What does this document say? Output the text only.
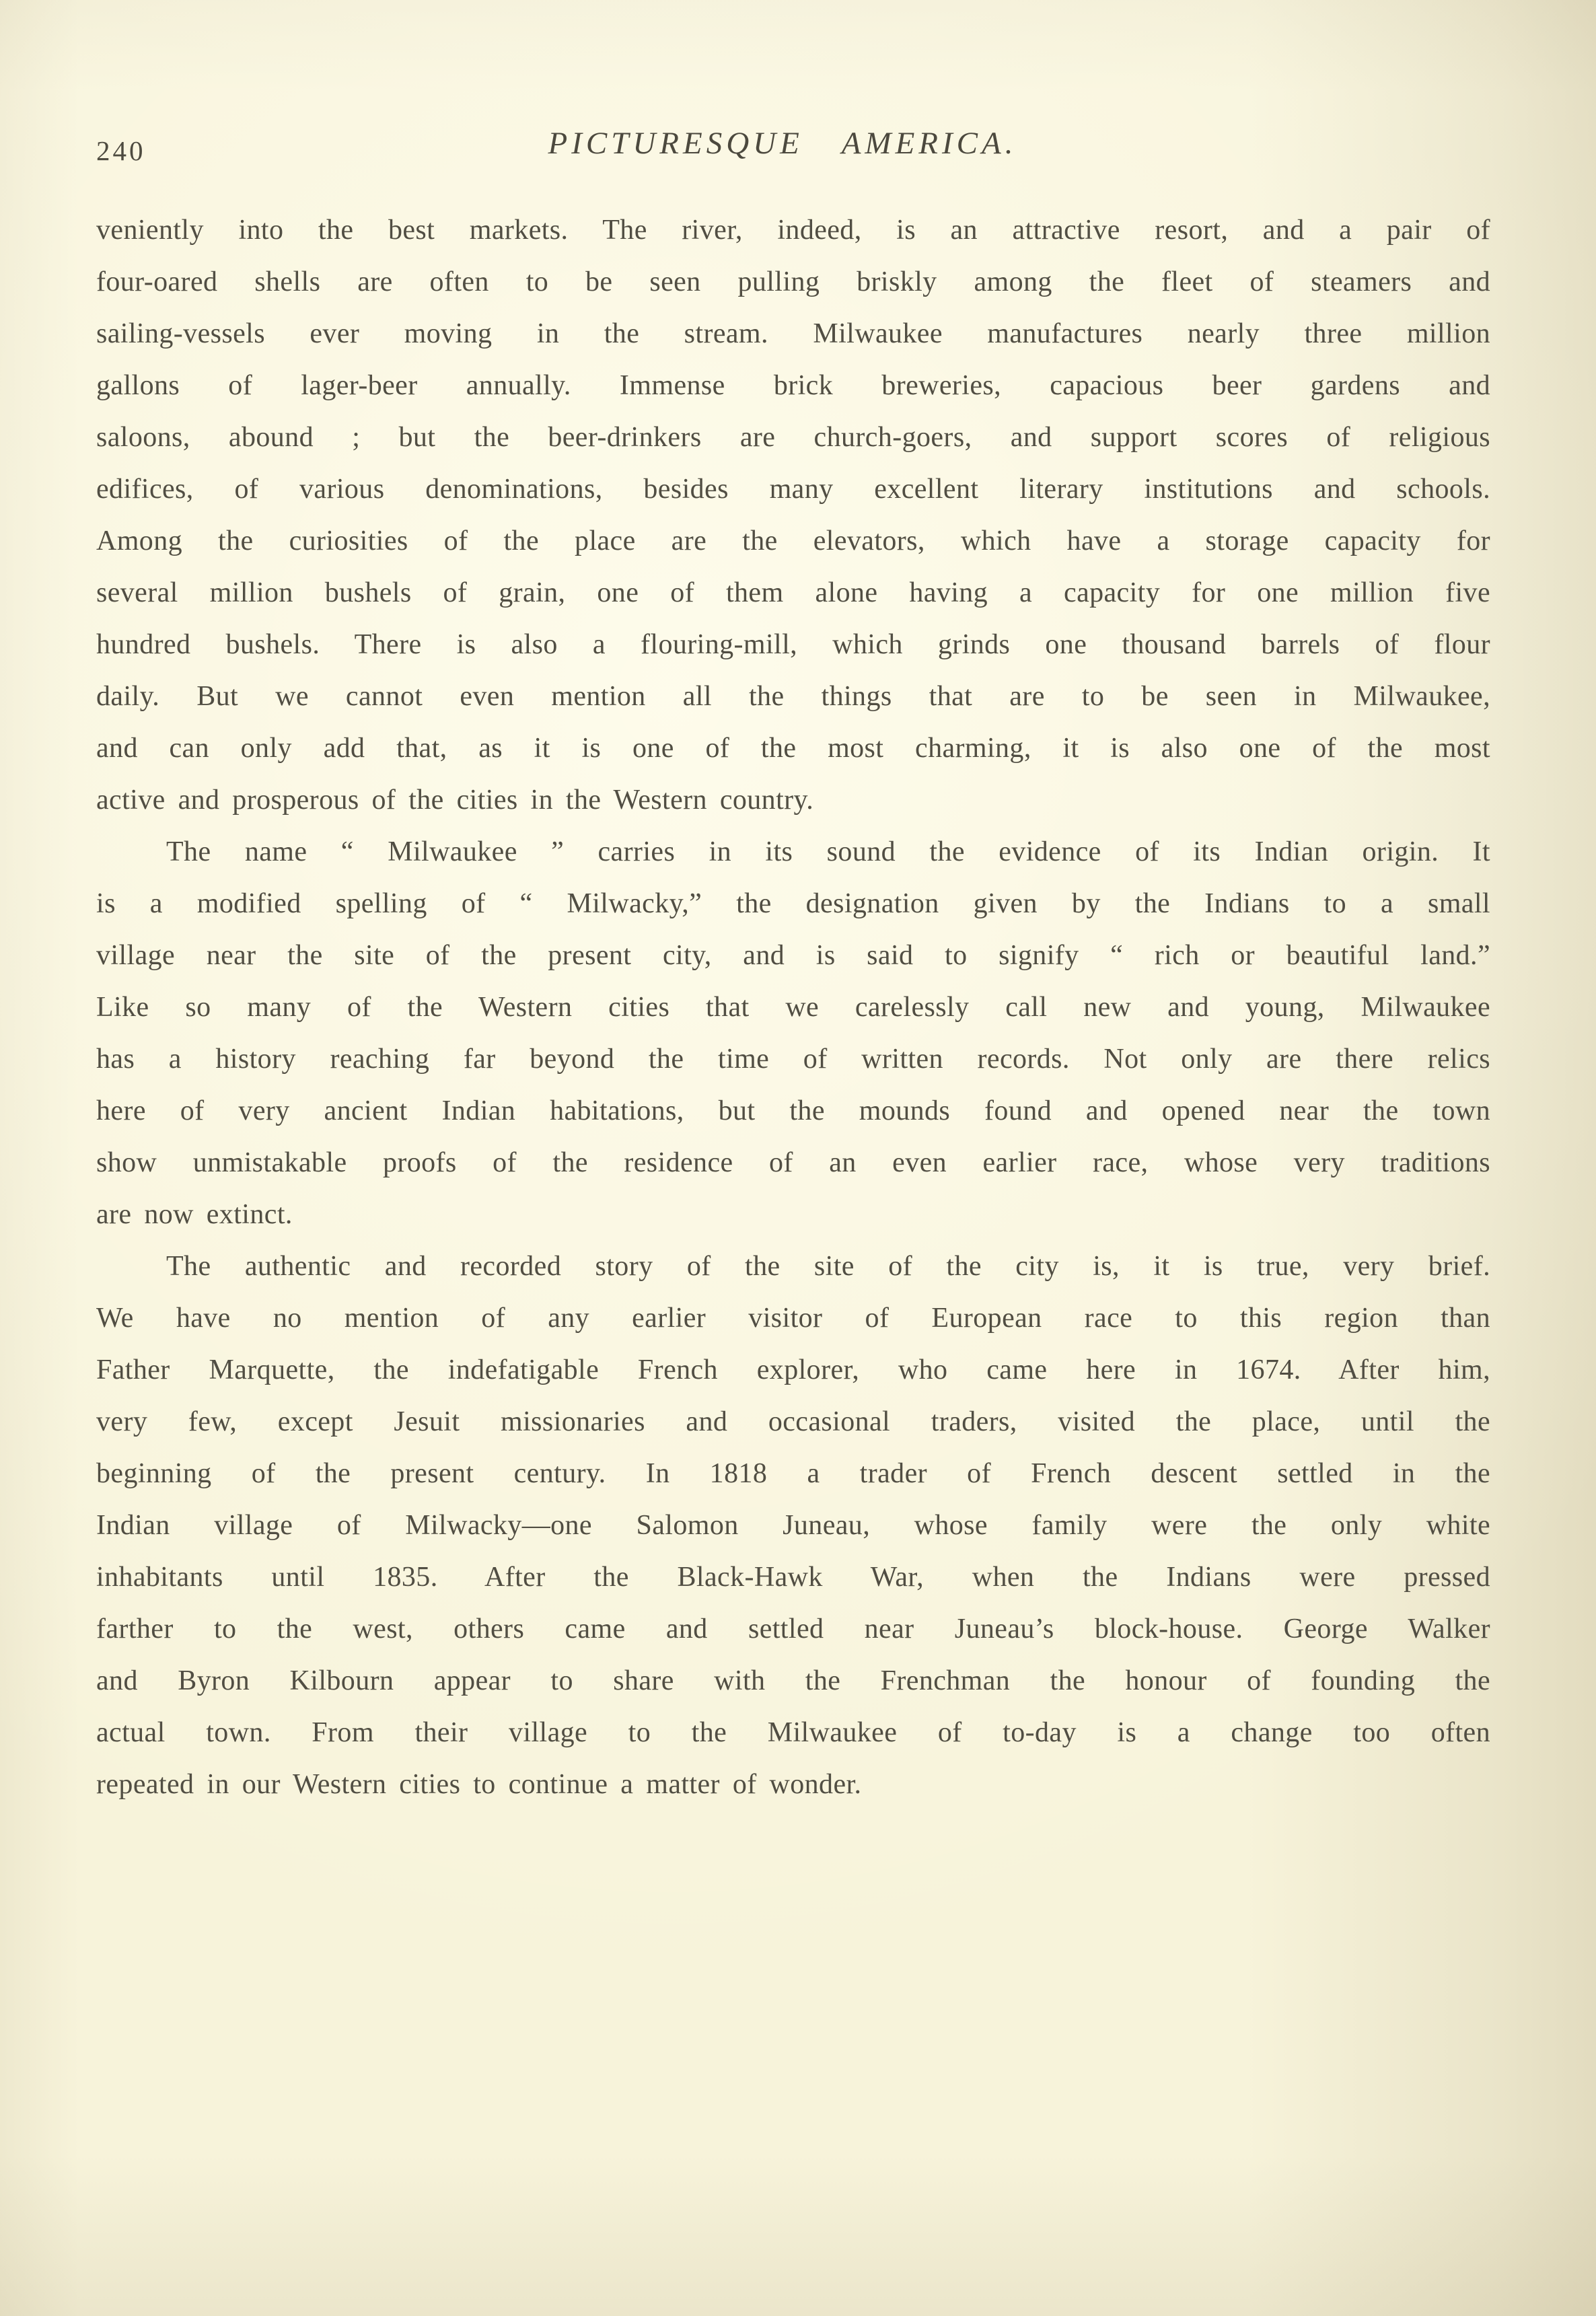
240	PICTURESQUE AMERICA.
veniently into the best markets. The river, indeed, is an attractive resort, and a pair of
four-oared shells are often to be seen pulling briskly among the fleet of steamers and
sailing-vessels ever moving in the stream. Milwaukee manufactures nearly three million
gallons of lager-beer annually. Immense brick breweries, capacious beer gardens and
saloons, abound ; but the beer-drinkers are church-goers, and support scores of religious
edifices, of various denominations, besides many excellent literary institutions and schools.
Among the curiosities of the place are the elevators, which have a storage capacity for
several million bushels of grain, one of them alone having a capacity for one million five
hundred bushels. There is also a flouring-mill, which grinds one thousand barrels of flour
daily. But we cannot even mention all the things that are to be seen in Milwaukee,
and can only add that, as it is one of the most charming, it is also one of the most
active and prosperous of the cities in the Western country.
The name “ Milwaukee ” carries in its sound the evidence of its Indian origin. It
is a modified spelling of “ Milwacky,” the designation given by the Indians to a small
village near the site of the present city, and is said to signify “ rich or beautiful land.”
Like so many of the Western cities that we carelessly call new and young, Milwaukee
has a history reaching far beyond the time of written records. Not only are there relics
here of very ancient Indian habitations, but the mounds found and opened near the town
show unmistakable proofs of the residence of an even earlier race, whose very traditions
are now extinct.
The authentic and recorded story of the site of the city is, it is true, very brief.
We have no mention of any earlier visitor of European race to this region than
Father Marquette, the indefatigable French explorer, who came here in 1674. After him,
very few, except Jesuit missionaries and occasional traders, visited the place, until the
beginning of the present century. In 1818 a trader of French descent settled in the
Indian village of Milwacky—one Salomon Juneau, whose family were the only white
inhabitants until 1835. After the Black-Hawk War, when the Indians were pressed
farther to the west, others came and settled near Juneau’s block-house. George Walker
and Byron Kilbourn appear to share with the Frenchman the honour of founding the
actual town. From their village to the Milwaukee of to-day is a change too often
repeated in our Western cities to continue a matter of wonder.
